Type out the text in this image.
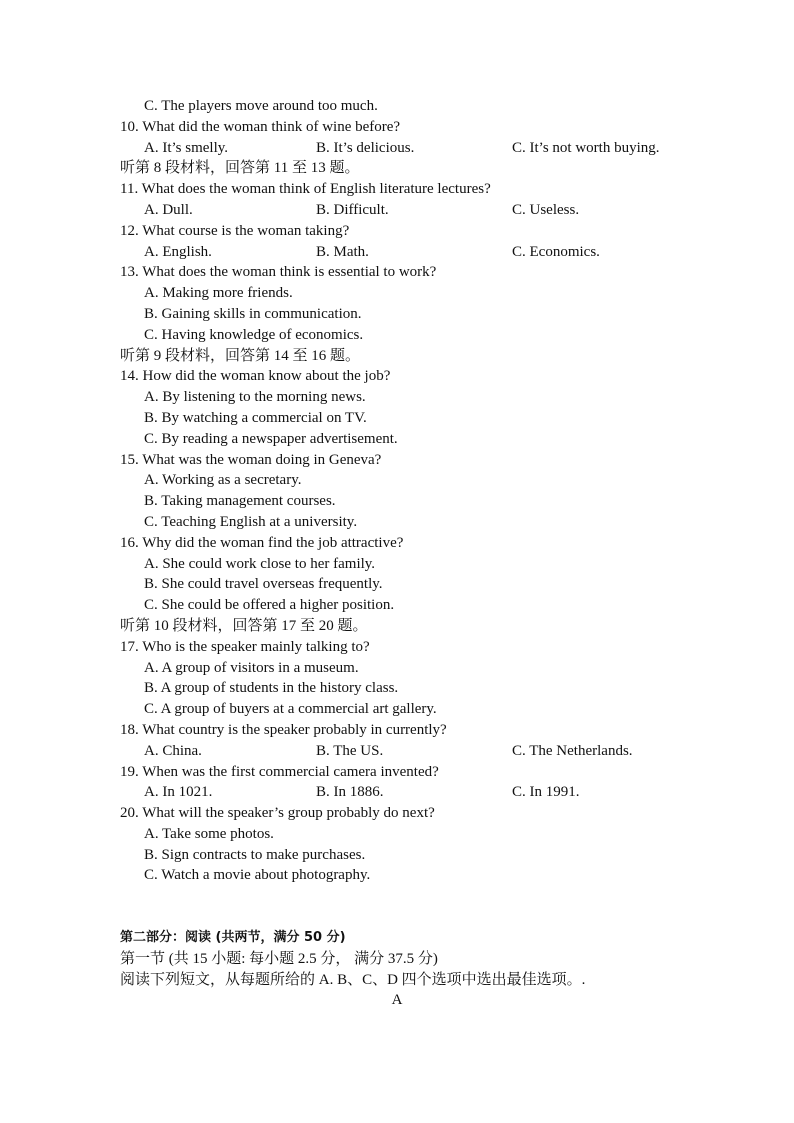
C. The players move around too much.
10. What did the woman think of wine before?
A. It’s smelly.	B. It’s delicious.	C. It’s not worth buying.
听第 8 段材料，回答第 11 至 13 题。
11. What does the woman think of English literature lectures?
A. Dull.	B. Difficult.	C. Useless.
12. What course is the woman taking?
A. English.	B. Math.	C. Economics.
13. What does the woman think is essential to work?
A. Making more friends.
B. Gaining skills in communication.
C. Having knowledge of economics.
听第 9 段材料，回答第 14 至 16 题。
14. How did the woman know about the job?
A. By listening to the morning news.
B. By watching a commercial on TV.
C. By reading a newspaper advertisement.
15. What was the woman doing in Geneva?
A. Working as a secretary.
B. Taking management courses.
C. Teaching English at a university.
16. Why did the woman find the job attractive?
A. She could work close to her family.
B. She could travel overseas frequently.
C. She could be offered a higher position.
听第 10 段材料，回答第 17 至 20 题。
17. Who is the speaker mainly talking to?
A. A group of visitors in a museum.
B. A group of students in the history class.
C. A group of buyers at a commercial art gallery.
18. What country is the speaker probably in currently?
A. China.	B. The US.	C. The Netherlands.
19. When was the first commercial camera invented?
A. In 1021.	B. In 1886.	C. In 1991.
20. What will the speaker’s group probably do next?
A. Take some photos.
B. Sign contracts to make purchases.
C. Watch a movie about photography.
第二部分：阅读 (共两节，满分 50 分)
第一节 (共 15 小题: 每小题 2.5 分， 满分 37.5 分)
阅读下列短文，从每题所给的 A. B、C、D 四个选项中选出最佳选项。.
A
